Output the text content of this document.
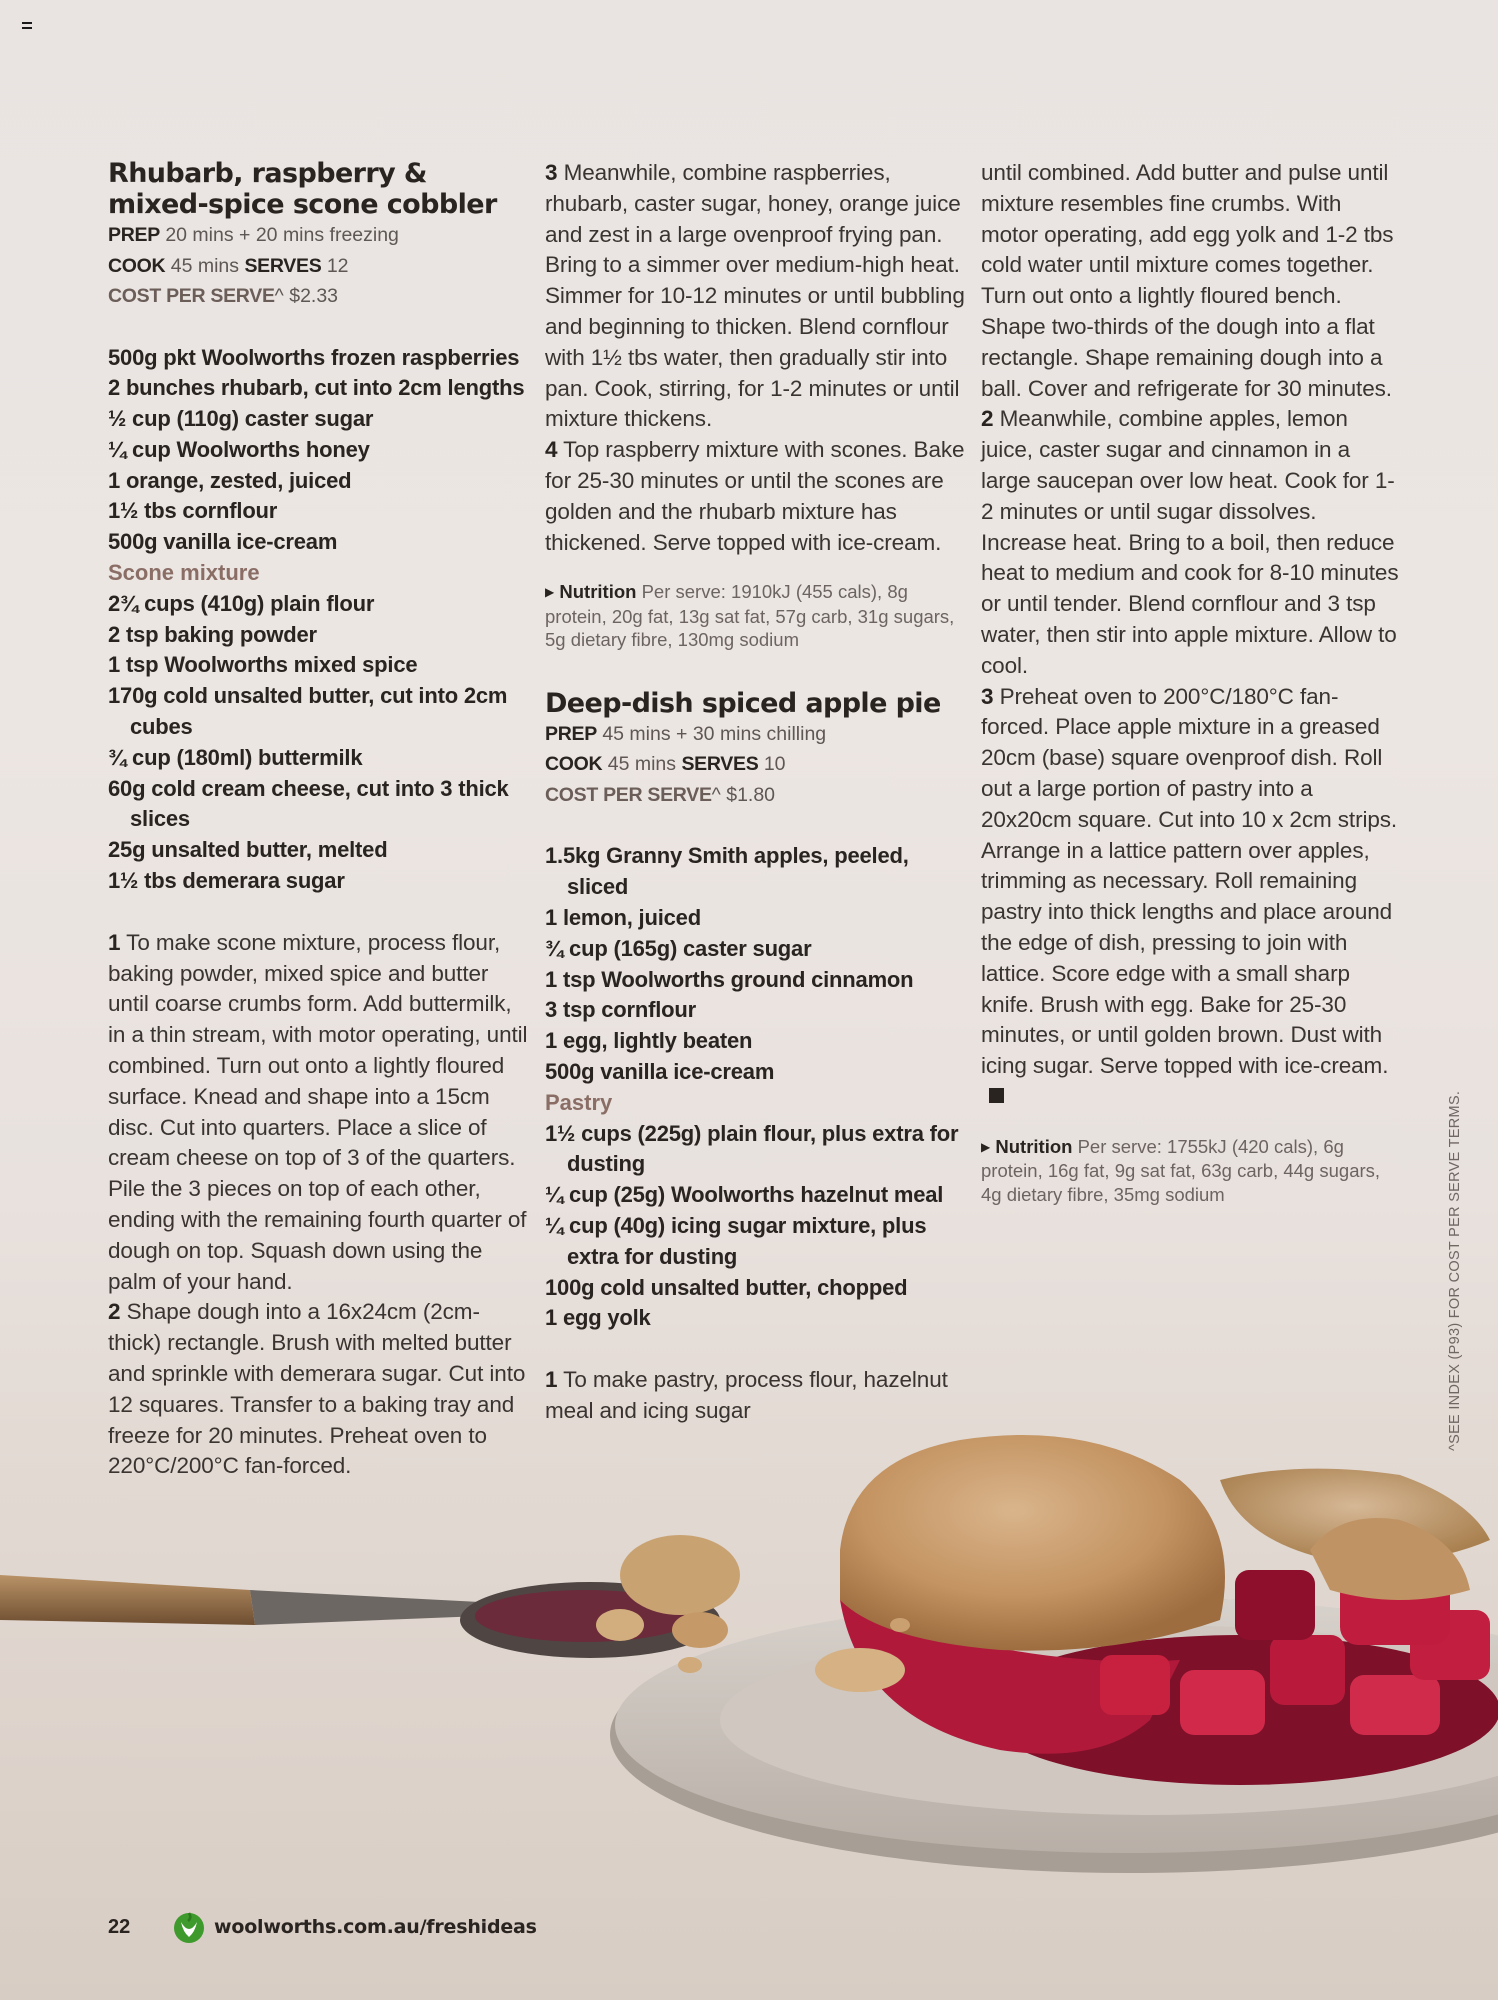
Rhubarb, raspberry &
mixed-spice scone cobbler
PREP 20 mins + 20 mins freezing
COOK 45 mins SERVES 12
COST PER SERVE^ $2.33
500g pkt Woolworths frozen raspberries
2 bunches rhubarb, cut into 2cm lengths
½ cup (110g) caster sugar
¼ cup Woolworths honey
1 orange, zested, juiced
1½ tbs cornflour
500g vanilla ice-cream
Scone mixture
2¾ cups (410g) plain flour
2 tsp baking powder
1 tsp Woolworths mixed spice
170g cold unsalted butter, cut into 2cm cubes
¾ cup (180ml) buttermilk
60g cold cream cheese, cut into 3 thick slices
25g unsalted butter, melted
1½ tbs demerara sugar

1 To make scone mixture, process flour, baking powder, mixed spice and butter until coarse crumbs form. Add buttermilk, in a thin stream, with motor operating, until combined. Turn out onto a lightly floured surface. Knead and shape into a 15cm disc. Cut into quarters. Place a slice of cream cheese on top of 3 of the quarters. Pile the 3 pieces on top of each other, ending with the remaining fourth quarter of dough on top. Squash down using the palm of your hand.

2 Shape dough into a 16x24cm (2cm-thick) rectangle. Brush with melted butter and sprinkle with demerara sugar. Cut into 12 squares. Transfer to a baking tray and freeze for 20 minutes. Preheat oven to 220°C/200°C fan-forced.

3 Meanwhile, combine raspberries, rhubarb, caster sugar, honey, orange juice and zest in a large ovenproof frying pan. Bring to a simmer over medium-high heat. Simmer for 10-12 minutes or until bubbling and beginning to thicken. Blend cornflour with 1½ tbs water, then gradually stir into pan. Cook, stirring, for 1-2 minutes or until mixture thickens.

4 Top raspberry mixture with scones. Bake for 25-30 minutes or until the scones are golden and the rhubarb mixture has thickened. Serve topped with ice-cream.

▶ Nutrition Per serve: 1910kJ (455 cals), 8g protein, 20g fat, 13g sat fat, 57g carb, 31g sugars, 5g dietary fibre, 130mg sodium

Deep-dish spiced apple pie
PREP 45 mins + 30 mins chilling
COOK 45 mins SERVES 10
COST PER SERVE^ $1.80
1.5kg Granny Smith apples, peeled, sliced
1 lemon, juiced
¾ cup (165g) caster sugar
1 tsp Woolworths ground cinnamon
3 tsp cornflour
1 egg, lightly beaten
500g vanilla ice-cream
Pastry
1½ cups (225g) plain flour, plus extra for dusting
¼ cup (25g) Woolworths hazelnut meal
¼ cup (40g) icing sugar mixture, plus extra for dusting
100g cold unsalted butter, chopped
1 egg yolk

1 To make pastry, process flour, hazelnut meal and icing sugar

until combined. Add butter and pulse until mixture resembles fine crumbs. With motor operating, add egg yolk and 1-2 tbs cold water until mixture comes together. Turn out onto a lightly floured bench. Shape two-thirds of the dough into a flat rectangle. Shape remaining dough into a ball. Cover and refrigerate for 30 minutes.

2 Meanwhile, combine apples, lemon juice, caster sugar and cinnamon in a large saucepan over low heat. Cook for 1-2 minutes or until sugar dissolves. Increase heat. Bring to a boil, then reduce heat to medium and cook for 8-10 minutes or until tender. Blend cornflour and 3 tsp water, then stir into apple mixture. Allow to cool.

3 Preheat oven to 200°C/180°C fan-forced. Place apple mixture in a greased 20cm (base) square ovenproof dish. Roll out a large portion of pastry into a 20x20cm square. Cut into 10 x 2cm strips. Arrange in a lattice pattern over apples, trimming as necessary. Roll remaining pastry into thick lengths and place around the edge of dish, pressing to join with lattice. Score edge with a small sharp knife. Brush with egg. Bake for 25-30 minutes, or until golden brown. Dust with icing sugar. Serve topped with ice-cream.

▶ Nutrition Per serve: 1755kJ (420 cals), 6g protein, 16g fat, 9g sat fat, 63g carb, 44g sugars, 4g dietary fibre, 35mg sodium	^SEE INDEX (P93) FOR COST PER SERVE TERMS.
22	woolworths.com.au/freshideas
